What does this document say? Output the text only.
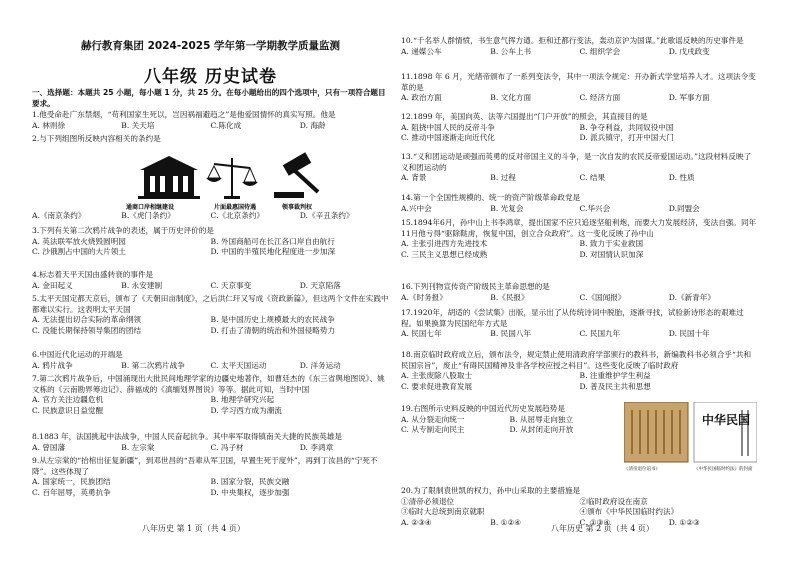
赫行教育集团 2024-2025 学年第一学期教学质量监测
八年级 历史试卷
一、选择题：本题共 25 小题，每小题 1 分，共 25 分。在每小题给出的四个选项中，只有一项符合题目要求。
1.他受命赴广东禁烟，“苟利国家生死以，岂因祸福避趋之”是他爱国情怀的真实写照。他是
A. 林则徐	B. 关天培	C.陈化成	D. 海龄
2.与下列组图所反映内容相关的条约是
通商口岸相继建设	片面最惠国待遇	领事裁判权
A.《南京条约》	B.《虎门条约》	C.《北京条约》	D.《辛丑条约》
3.下列有关第二次鸦片战争的表述，属于历史评价的是
A. 英法联军放火烧毁圆明园	B. 外国商船可在长江各口岸自由航行
C. 沙俄割占中国的大片领土	D. 中国的半殖民地化程度进一步加深
4.标志着天平天国由盛转衰的事件是
A. 金田起义	B. 永安建制	C. 天京事变	D. 天京陷落
5.太平天国定都天京后，颁布了《天朝田亩制度》，之后洪仁玕又写成《资政新篇》，但这两个文件在实践中都难以实行。这表明太平天国
A. 无法提出切合实际的革命纲领	B. 是中国历史上规模最大的农民战争
C. 没能长期保持领导集团的团结	D. 打击了清朝的统治和外国侵略势力
6.中国近代化运动的开端是
A. 鸦片战争	B. 第二次鸦片战争	C. 太平天国运动	D. 洋务运动
7.第二次鸦片战争后，中国涌现出大批民间地理学家的边疆史地著作，如曹廷杰的《东三省舆地图说》、姚文栋的《云南勘界筹边记》、薛福成的《滇缅划界图说》等等。据此可知，当时中国
A. 官方关注边疆危机	B. 地理学研究兴起
C. 民族意识日益觉醒	D. 学习西方成为潮流
8.1883 年，法国挑起中法战争，中国人民奋起抗争。其中率军取得镇南关大捷的民族英雄是
A. 曾国藩	B. 左宗棠	C. 冯子材	D. 李鸿章
9.从左宗棠的“抬棺出征复新疆”，到邓世昌的“吾辈从军卫国，早置生死于度外”，再到丁汝昌的“宁死不降”。这些体现了
A. 国家统一，民族团结	B. 国家分裂，民族交融
C. 百年屈辱，英勇抗争	D. 中央集权，逐步加强
八年历史 第 1 页（共 4 页）
10.“千名举人群情愤，书生意气挥方遒。拒和迁都行变法，轰动京沪为国谋。”此歌谣反映的历史事件是
A. 递媒公车	B. 公车上书	C. 组织学会	D. 戊戌政变
11.1898 年 6 月，光绪帝颁布了一系列变法令，其中一项法令规定：开办新式学堂培养人才。这项法令变革的是
A. 政治方面	B. 文化方面	C. 经济方面	D. 军事方面
12.1899 年，美国向英、法等六国提出“门户开放”的照会，其直接目的是
A. 阻挠中国人民的反帝斗争	B. 争夺利益，共同奴役中国
C. 推动中国逐渐走向近代化	D. 派兵镇守，打开中国大门
13.“义和团运动是顽强而英勇的反对帝国主义的斗争，是一次自发的农民反帝爱国运动。”这段材料反映了义和团运动的
A. 背景	B. 过程	C. 结果	D. 性质
14.第一个全国性规模的、统一的资产阶级革命政党是
A.兴中会	B. 光复会	C.华兴会	D.同盟会
15.1894年6月，孙中山上书李鸿章，提出国家不应只追逐坚船利炮，而要大力发展经济，变法自强。同年11月他亏得“驱除鞑虏，恢复中国，创立合众政府”。这一变化反映了孙中山
A. 主张引进西方先进技术	B. 致力于实业救国
C. 三民主义思想已经成熟	D. 对国情认识加深
16.下列刊物宣传资产阶级民主革命思想的是
A.《时务报》	B.《民报》	C.《国闻报》	D.《新青年》
17.1920年，胡适的《尝试集》出版，显示出了从传统诗词中脱胎，逐渐寻找，试验新诗形态的艰难过程。如果换算为民国纪年方式是
A. 民国七年	B. 民国八年	C. 民国九年	D. 民国十年
18.南京临时政府成立后，颁布法令，规定禁止使用清政府学部颁行的教科书，新编教科书必须合乎“共和民国宗旨”，废止“有碍民国精神及非各学校应授之科目”。这些变化反映了临时政府
A. 主张废除八股取士	B. 注重维护学生利益
C. 要求促进教育发展	D. 普及民主共和思想
19.右图所示史料反映的中国近代历史发展趋势是
A. 从分裂走向统一	B. 从屈辱走向独立
C. 从专制走向民主	D. 从封闭走向开放
中华民国
《清帝退位诏书》	《中华民国临时约法》的封面
20.为了限制袁世凯的权力，孙中山采取的主要措施是
①清帝必须退位	②临时政府设在南京
③临时大总统到南京就职	④颁布《中华民国临时约法》
A. ②③④	B. ①②④	C. ①③④	D. ①②③
八年历史 第 2 页（共 4 页）
